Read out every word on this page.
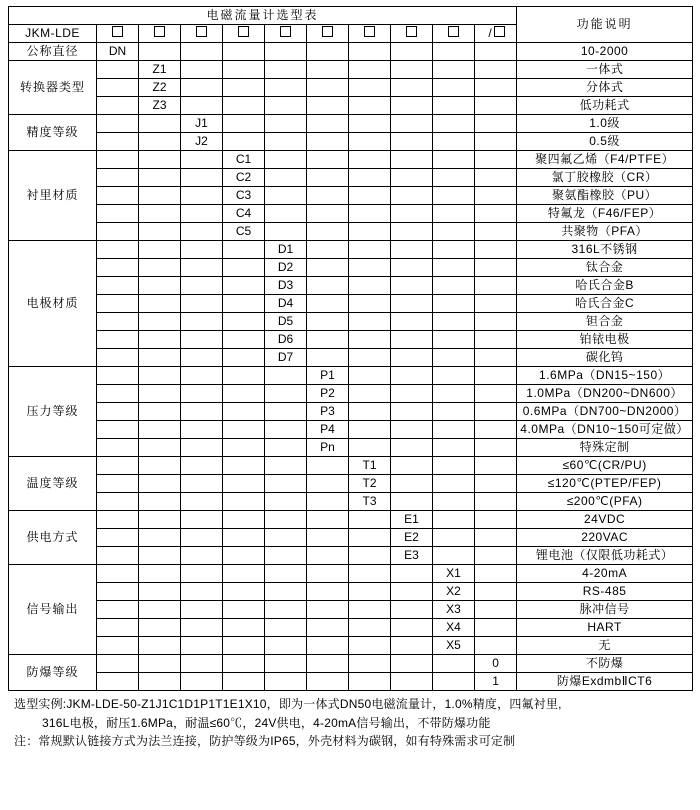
电磁流量计选型表											功能说明
JKM-LDE										/	
公称直径	DN										10-2000
转换器类型		Z1									一体式
		Z2									分体式
		Z3									低功耗式
精度等级			J1								1.0级
			J2								0.5级
衬里材质				C1							聚四氟乙烯（F4/PTFE）
				C2							氯丁胶橡胶（CR）
				C3							聚氨酯橡胶（PU）
				C4							特氟龙（F46/FEP）
				C5							共聚物（PFA）
电极材质					D1						316L不锈钢
					D2						钛合金
					D3						哈氏合金B
					D4						哈氏合金C
					D5						钽合金
					D6						铂铱电极
					D7						碳化钨
压力等级						P1					1.6MPa（DN15~150）
						P2					1.0MPa（DN200~DN600）
						P3					0.6MPa（DN700~DN2000）
						P4					4.0MPa（DN10~150可定做）
						Pn					特殊定制
温度等级							T1				≤60℃(CR/PU)
							T2				≤120℃(PTEP/FEP)
							T3				≤200℃(PFA)
供电方式								E1			24VDC
								E2			220VAC
								E3			锂电池（仅限低功耗式）
信号输出									X1		4-20mA
									X2		RS-485
									X3		脉冲信号
									X4		HART
									X5		无
防爆等级										0	不防爆
										1	防爆ExdmbⅡCT6
选型实例:JKM-LDE-50-Z1J1C1D1P1T1E1X10，即为一体式DN50电磁流量计，1.0%精度，四氟衬里,
316L电极，耐压1.6MPa，耐温≤60℃，24V供电，4-20mA信号输出，不带防爆功能
注：常规默认链接方式为法兰连接，防护等级为IP65，外壳材料为碳钢，如有特殊需求可定制
